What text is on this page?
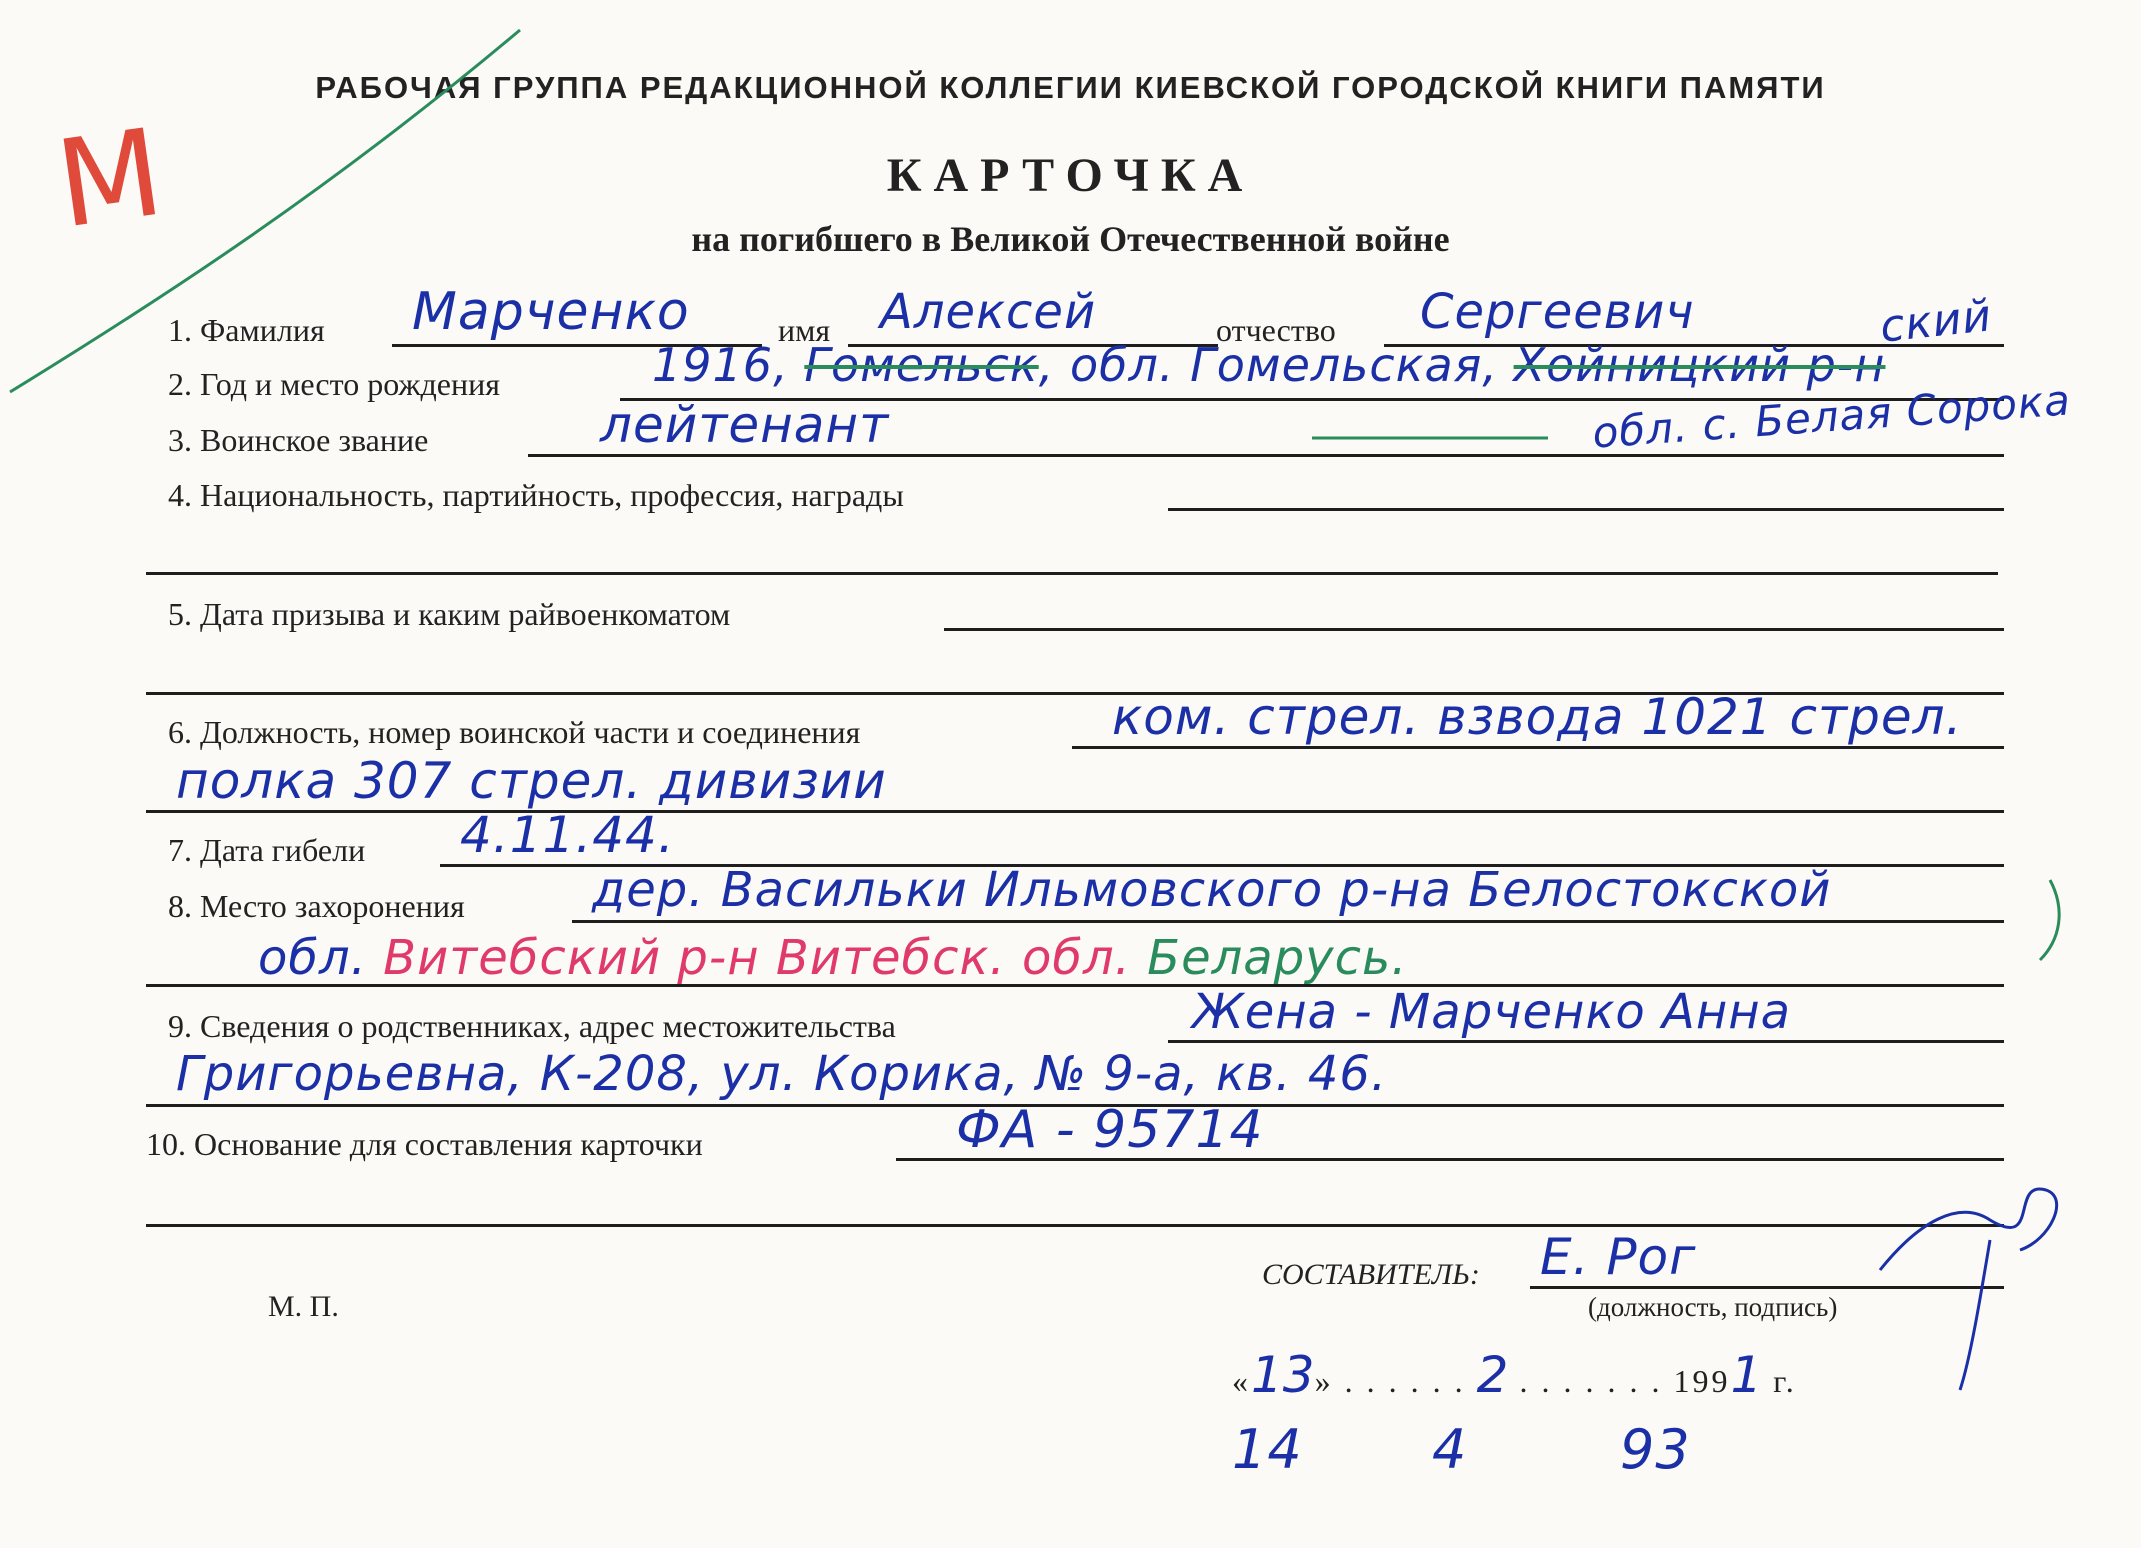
М
РАБОЧАЯ ГРУППА РЕДАКЦИОННОЙ КОЛЛЕГИИ КИЕВСКОЙ ГОРОДСКОЙ КНИГИ ПАМЯТИ
КАРТОЧКА
на погибшего в Великой Отечественной войне
1. Фамилия Марченко	имя Алексей	отчество Сергеевич	ский
2. Год и место рождения	1916, Гомельск, обл. Гомельская, Хойницкий р-н
3. Воинское звание	лейтенант	обл. с. Белая Сорока
4. Национальность, партийность, профессия, награды
5. Дата призыва и каким райвоенкоматом
6. Должность, номер воинской части и соединения	ком. стрел. взвода 1021 стрел.
полка 307 стрел. дивизии
7. Дата гибели 4.11.44.
8. Место захоронения	дер. Васильки Ильмовского р-на Белостокской
обл. Витебский р-н Витебск. обл. Беларусь.
9. Сведения о родственниках, адрес местожительства	Жена - Марченко Анна
Григорьевна, К-208, ул. Корика, № 9-а, кв. 46.
10. Основание для составления карточки	ФА - 95714
М. П.
СОСТАВИТЕЛЬ: Е. Рог
(должность, подпись)
«13» . . . . . . 2 . . . . . . . 1991 г.
14 4	93
